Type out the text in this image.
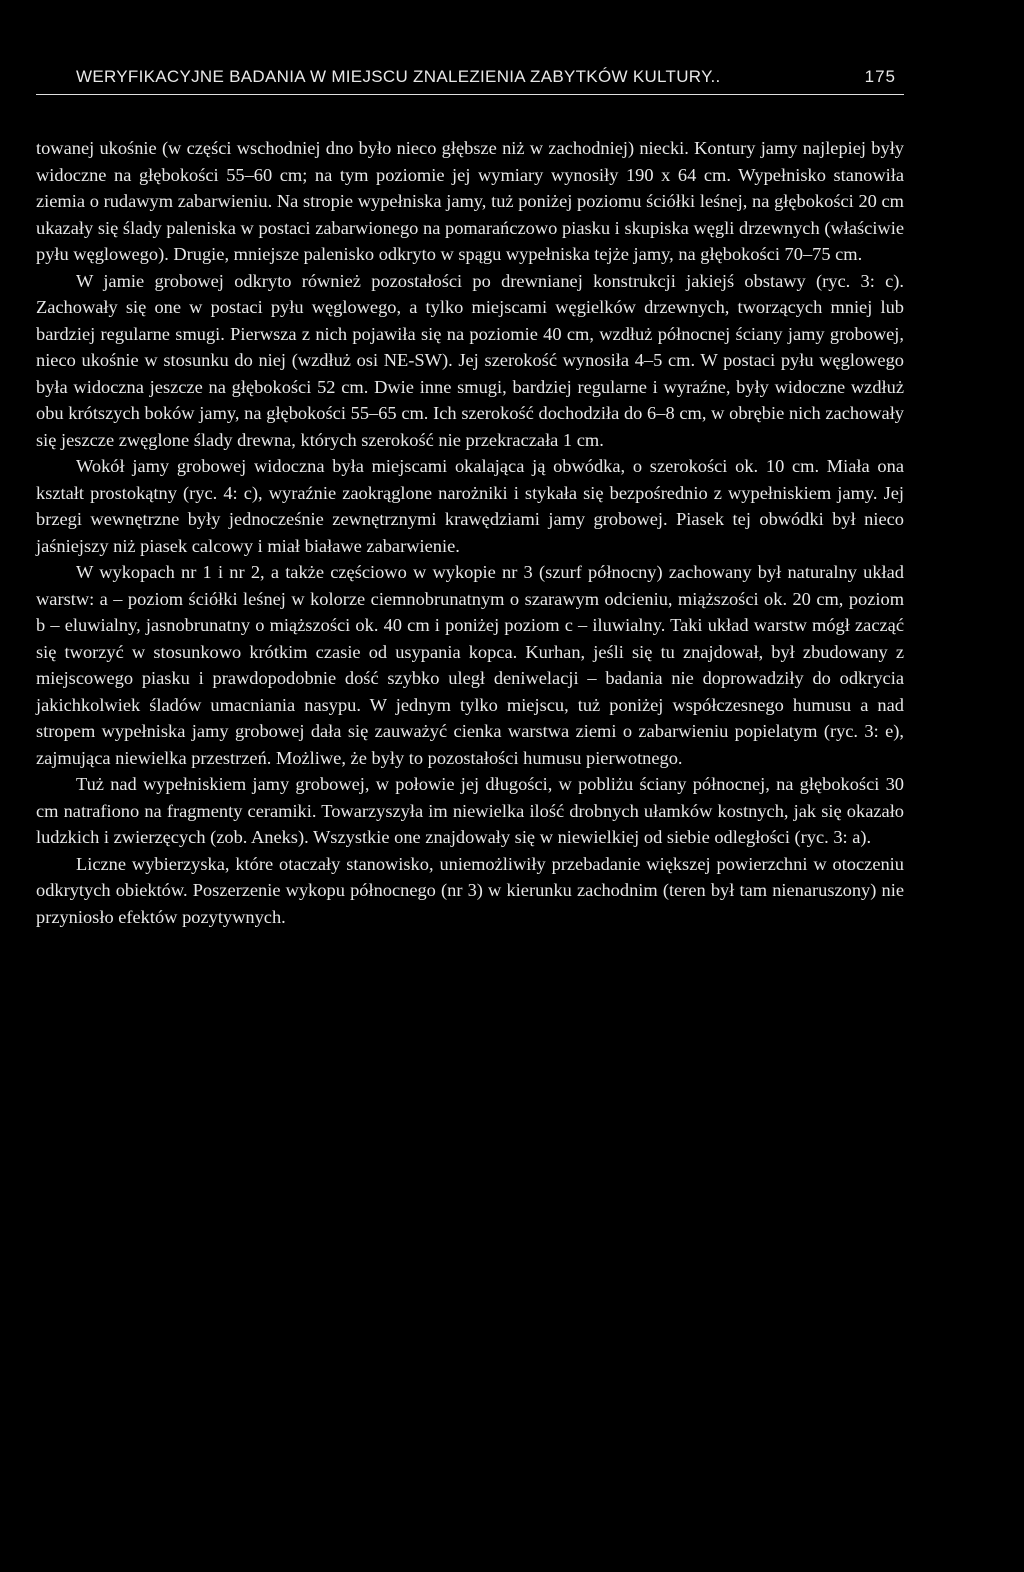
WERYFIKACYJNE BADANIA W MIEJSCU ZNALEZIENIA ZABYTKÓW KULTURY..	175

towanej ukośnie (w części wschodniej dno było nieco głębsze niż w zachodniej) niecki. Kontury jamy najlepiej były widoczne na głębokości 55–60 cm; na tym poziomie jej wymiary wynosiły 190 x 64 cm. Wypełnisko stanowiła ziemia o rudawym zabarwieniu. Na stropie wypełniska jamy, tuż poniżej poziomu ściółki leśnej, na głębokości 20 cm ukazały się ślady paleniska w postaci zabarwionego na pomarańczowo piasku i skupiska węgli drzewnych (właściwie pyłu węglowego). Drugie, mniejsze palenisko odkryto w spągu wypełniska tejże jamy, na głębokości 70–75 cm.

W jamie grobowej odkryto również pozostałości po drewnianej konstrukcji jakiejś obstawy (ryc. 3: c). Zachowały się one w postaci pyłu węglowego, a tylko miejscami węgielków drzewnych, tworzących mniej lub bardziej regularne smugi. Pierwsza z nich pojawiła się na poziomie 40 cm, wzdłuż północnej ściany jamy grobowej, nieco ukośnie w stosunku do niej (wzdłuż osi NE-SW). Jej szerokość wynosiła 4–5 cm. W postaci pyłu węglowego była widoczna jeszcze na głębokości 52 cm. Dwie inne smugi, bardziej regularne i wyraźne, były widoczne wzdłuż obu krótszych boków jamy, na głębokości 55–65 cm. Ich szerokość dochodziła do 6–8 cm, w obrębie nich zachowały się jeszcze zwęglone ślady drewna, których szerokość nie przekraczała 1 cm.

Wokół jamy grobowej widoczna była miejscami okalająca ją obwódka, o szerokości ok. 10 cm. Miała ona kształt prostokątny (ryc. 4: c), wyraźnie zaokrąglone narożniki i stykała się bezpośrednio z wypełniskiem jamy. Jej brzegi wewnętrzne były jednocześnie zewnętrznymi krawędziami jamy grobowej. Piasek tej obwódki był nieco jaśniejszy niż piasek calcowy i miał białawe zabarwienie.

W wykopach nr 1 i nr 2, a także częściowo w wykopie nr 3 (szurf północny) zachowany był naturalny układ warstw: a – poziom ściółki leśnej w kolorze ciemnobrunatnym o szarawym odcieniu, miąższości ok. 20 cm, poziom b – eluwialny, jasnobrunatny o miąższości ok. 40 cm i poniżej poziom c – iluwialny. Taki układ warstw mógł zacząć się tworzyć w stosunkowo krótkim czasie od usypania kopca. Kurhan, jeśli się tu znajdował, był zbudowany z miejscowego piasku i prawdopodobnie dość szybko uległ deniwelacji – badania nie doprowadziły do odkrycia jakichkolwiek śladów umacniania nasypu. W jednym tylko miejscu, tuż poniżej współczesnego humusu a nad stropem wypełniska jamy grobowej dała się zauważyć cienka warstwa ziemi o zabarwieniu popielatym (ryc. 3: e), zajmująca niewielka przestrzeń. Możliwe, że były to pozostałości humusu pierwotnego.

Tuż nad wypełniskiem jamy grobowej, w połowie jej długości, w pobliżu ściany północnej, na głębokości 30 cm natrafiono na fragmenty ceramiki. Towarzyszyła im niewielka ilość drobnych ułamków kostnych, jak się okazało ludzkich i zwierzęcych (zob. Aneks). Wszystkie one znajdowały się w niewielkiej od siebie odległości (ryc. 3: a).

Liczne wybierzyska, które otaczały stanowisko, uniemożliwiły przebadanie większej powierzchni w otoczeniu odkrytych obiektów. Poszerzenie wykopu północnego (nr 3) w kierunku zachodnim (teren był tam nienaruszony) nie przyniosło efektów pozytywnych.
